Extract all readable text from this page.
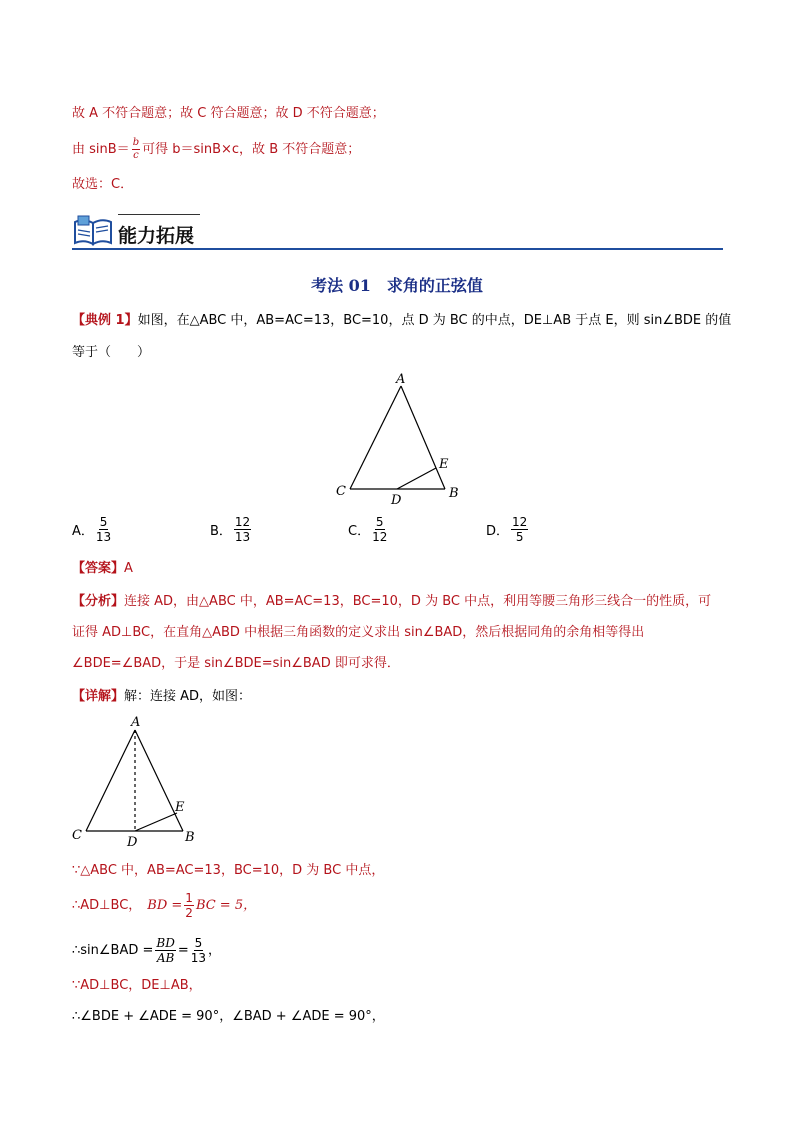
故 A 不符合题意；故 C 符合题意；故 D 不符合题意；
由 $\sin B= \frac{b}{c}$ 可得 b＝sinB×c，故 B 不符合题意；
故选：C．
能力拓展
考法 01　求角的正弦值
【典例 1】如图，在△ABC 中，AB=AC=13，BC=10，点 D 为 BC 的中点，DE⊥AB 于点 E，则 sin∠BDE 的值
等于（　　）
A
B
C
D
E
A． $\frac{5}{13}$	B． $\frac{12}{13}$	C． $\frac{5}{12}$	D． $\frac{12}{5}$
【答案】A
【分析】连接 AD，由△ABC 中，AB=AC=13，BC=10，D 为 BC 中点，利用等腰三角形三线合一的性质，可
证得 AD⊥BC，在直角△ABD 中根据三角函数的定义求出 sin∠BAD，然后根据同角的余角相等得出
∠BDE=∠BAD，于是 sin∠BDE=sin∠BAD 即可求得．
【详解】解：连接 AD，如图：
A
B
C	D
E
∵△ABC 中，AB=AC=13，BC=10，D 为 BC 中点，
∴AD⊥BC， BD = $\frac{1}{2}$ BC = 5，
∴sin∠BAD = $\frac{BD}{AB} = \frac{5}{13}$ ，
∵AD⊥BC，DE⊥AB，
∴∠BDE + ∠ADE = 90°，∠BAD + ∠ADE = 90°，
